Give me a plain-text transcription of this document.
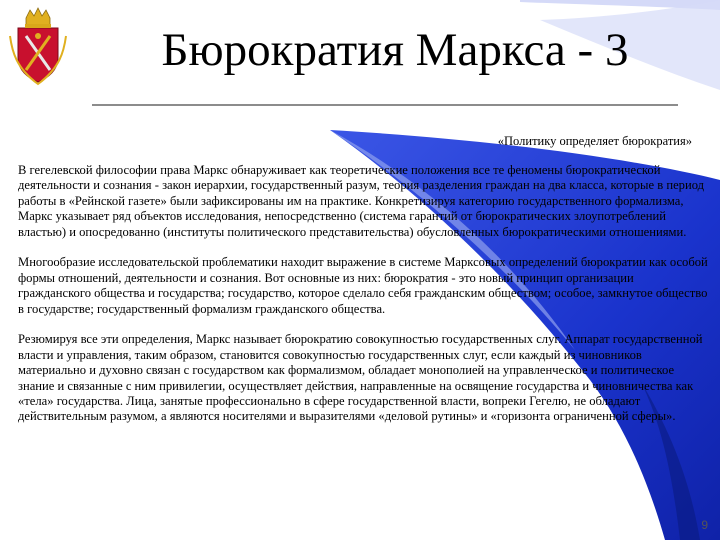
Бюрократия Маркса - 3
«Политику определяет бюрократия»

В гегелевской философии права Маркс обнаруживает как теоретические положения все те феномены бюрократической деятельности и сознания - закон иерархии, государственный разум, теория разделения граждан на два класса, которые в период работы в «Рейнской газете» были зафиксированы им на практике. Конкретизируя категорию государственного формализма, Маркс указывает ряд объектов исследования, непосредственно (система гарантий от бюрократических злоупотреблений властью) и опосредованно (институты политического представительства) обусловленных бюрократическими отношениями.

Многообразие исследовательской проблематики находит выражение в системе Марксовых определений бюрократии как особой формы отношений, деятельности и сознания. Вот основные из них: бюрократия - это новый принцип организации гражданского общества и государства; государство, которое сделало себя гражданским обществом; особое, замкнутое общество в государстве; государственный формализм гражданского общества.

Резюмируя все эти определения, Маркс называет бюрократию совокупностью государственных слуг. Аппарат государственной власти и управления, таким образом, становится совокупностью государственных слуг, если каждый из чиновников материально и духовно связан с государством как формализмом, обладает монополией на управленческое и политическое знание и связанные с ним привилегии, осуществляет действия, направленные на освящение государства и чиновничества как «тела» государства. Лица, занятые профессионально в сфере государственной власти, вопреки Гегелю, не обладают действительным разумом, а являются носителями и выразителями «деловой рутины» и «горизонта ограниченной сферы».

9
